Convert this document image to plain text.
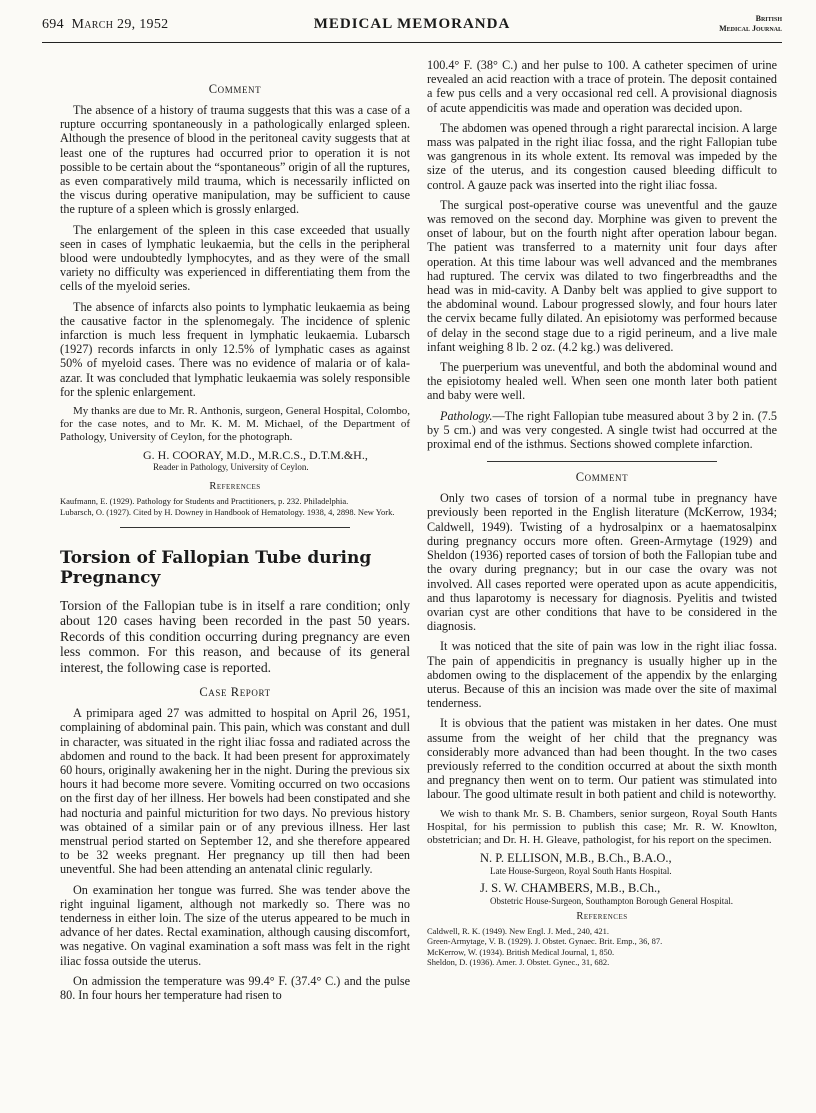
694 March 29, 1952	MEDICAL MEMORANDA	British
Medical Journal
Comment

The absence of a history of trauma suggests that this was a case of a rupture occurring spontaneously in a pathologically enlarged spleen. Although the presence of blood in the peritoneal cavity suggests that at least one of the ruptures had occurred prior to operation it is not possible to be certain about the “spontaneous” origin of all the ruptures, as even comparatively mild trauma, which is necessarily inflicted on the viscus during operative manipulation, may be sufficient to cause the rupture of a spleen which is grossly enlarged.

The enlargement of the spleen in this case exceeded that usually seen in cases of lymphatic leukaemia, but the cells in the peripheral blood were undoubtedly lymphocytes, and as they were of the small variety no difficulty was experienced in differentiating them from the cells of the myeloid series.

The absence of infarcts also points to lymphatic leukaemia as being the causative factor in the splenomegaly. The incidence of splenic infarction is much less frequent in lymphatic leukaemia. Lubarsch (1927) records infarcts in only 12.5% of lymphatic cases as against 50% of myeloid cases. There was no evidence of malaria or of kala-azar. It was concluded that lymphatic leukaemia was solely responsible for the splenic enlargement.

My thanks are due to Mr. R. Anthonis, surgeon, General Hospital, Colombo, for the case notes, and to Mr. K. M. M. Michael, of the Department of Pathology, University of Ceylon, for the photograph.

G. H. COORAY, M.D., M.R.C.S., D.T.M.&H.,

Reader in Pathology, University of Ceylon.

References

Kaufmann, E. (1929). Pathology for Students and Practitioners, p. 232. Philadelphia.

Lubarsch, O. (1927). Cited by H. Downey in Handbook of Hematology. 1938, 4, 2898. New York.

Torsion of Fallopian Tube during Pregnancy

Torsion of the Fallopian tube is in itself a rare condition; only about 120 cases having been recorded in the past 50 years. Records of this condition occurring during pregnancy are even less common. For this reason, and because of its general interest, the following case is reported.

Case Report

A primipara aged 27 was admitted to hospital on April 26, 1951, complaining of abdominal pain. This pain, which was constant and dull in character, was situated in the right iliac fossa and radiated across the abdomen and round to the back. It had been present for approximately 60 hours, originally awakening her in the night. During the previous six hours it had become more severe. Vomiting occurred on two occasions on the first day of her illness. Her bowels had been constipated and she had nocturia and painful micturition for two days. No previous history was obtained of a similar pain or of any previous illness. Her last menstrual period started on September 12, and she therefore appeared to be 32 weeks pregnant. Her pregnancy up till then had been uneventful. She had been attending an antenatal clinic regularly.

On examination her tongue was furred. She was tender above the right inguinal ligament, although not markedly so. There was no tenderness in either loin. The size of the uterus appeared to be much in advance of her dates. Rectal examination, although causing discomfort, was negative. On vaginal examination a soft mass was felt in the right iliac fossa outside the uterus.

On admission the temperature was 99.4° F. (37.4° C.) and the pulse 80. In four hours her temperature had risen to

100.4° F. (38° C.) and her pulse to 100. A catheter specimen of urine revealed an acid reaction with a trace of protein. The deposit contained a few pus cells and a very occasional red cell. A provisional diagnosis of acute appendicitis was made and operation was decided upon.

The abdomen was opened through a right pararectal incision. A large mass was palpated in the right iliac fossa, and the right Fallopian tube was gangrenous in its whole extent. Its removal was impeded by the size of the uterus, and its congestion caused bleeding difficult to control. A gauze pack was inserted into the right iliac fossa.

The surgical post-operative course was uneventful and the gauze was removed on the second day. Morphine was given to prevent the onset of labour, but on the fourth night after operation labour began. The patient was transferred to a maternity unit four days after operation. At this time labour was well advanced and the membranes had ruptured. The cervix was dilated to two fingerbreadths and the head was in mid-cavity. A Danby belt was applied to give support to the abdominal wound. Labour progressed slowly, and four hours later the cervix became fully dilated. An episiotomy was performed because of delay in the second stage due to a rigid perineum, and a live male infant weighing 8 lb. 2 oz. (4.2 kg.) was delivered.

The puerperium was uneventful, and both the abdominal wound and the episiotomy healed well. When seen one month later both patient and baby were well.

Pathology.—The right Fallopian tube measured about 3 by 2 in. (7.5 by 5 cm.) and was very congested. A single twist had occurred at the proximal end of the isthmus. Sections showed complete infarction.

Comment

Only two cases of torsion of a normal tube in pregnancy have previously been reported in the English literature (McKerrow, 1934; Caldwell, 1949). Twisting of a hydrosalpinx or a haematosalpinx during pregnancy occurs more often. Green-Armytage (1929) and Sheldon (1936) reported cases of torsion of both the Fallopian tube and the ovary during pregnancy; but in our case the ovary was not involved. All cases reported were operated upon as acute appendicitis, and thus laparotomy is necessary for diagnosis. Pyelitis and twisted ovarian cyst are other conditions that have to be considered in the diagnosis.

It was noticed that the site of pain was low in the right iliac fossa. The pain of appendicitis in pregnancy is usually higher up in the abdomen owing to the displacement of the appendix by the enlarging uterus. Because of this an incision was made over the site of maximal tenderness.

It is obvious that the patient was mistaken in her dates. One must assume from the weight of her child that the pregnancy was considerably more advanced than had been thought. In the two cases previously referred to the condition occurred at about the sixth month and pregnancy then went on to term. Our patient was stimulated into labour. The good ultimate result in both patient and child is noteworthy.

We wish to thank Mr. S. B. Chambers, senior surgeon, Royal South Hants Hospital, for his permission to publish this case; Mr. R. W. Knowlton, obstetrician; and Dr. H. H. Gleave, pathologist, for his report on the specimen.

N. P. ELLISON, M.B., B.Ch., B.A.O.,

Late House-Surgeon, Royal South Hants Hospital.

J. S. W. CHAMBERS, M.B., B.Ch.,

Obstetric House-Surgeon, Southampton Borough General Hospital.

References

Caldwell, R. K. (1949). New Engl. J. Med., 240, 421.

Green-Armytage, V. B. (1929). J. Obstet. Gynaec. Brit. Emp., 36, 87.

McKerrow, W. (1934). British Medical Journal, 1, 850.

Sheldon, D. (1936). Amer. J. Obstet. Gynec., 31, 682.
